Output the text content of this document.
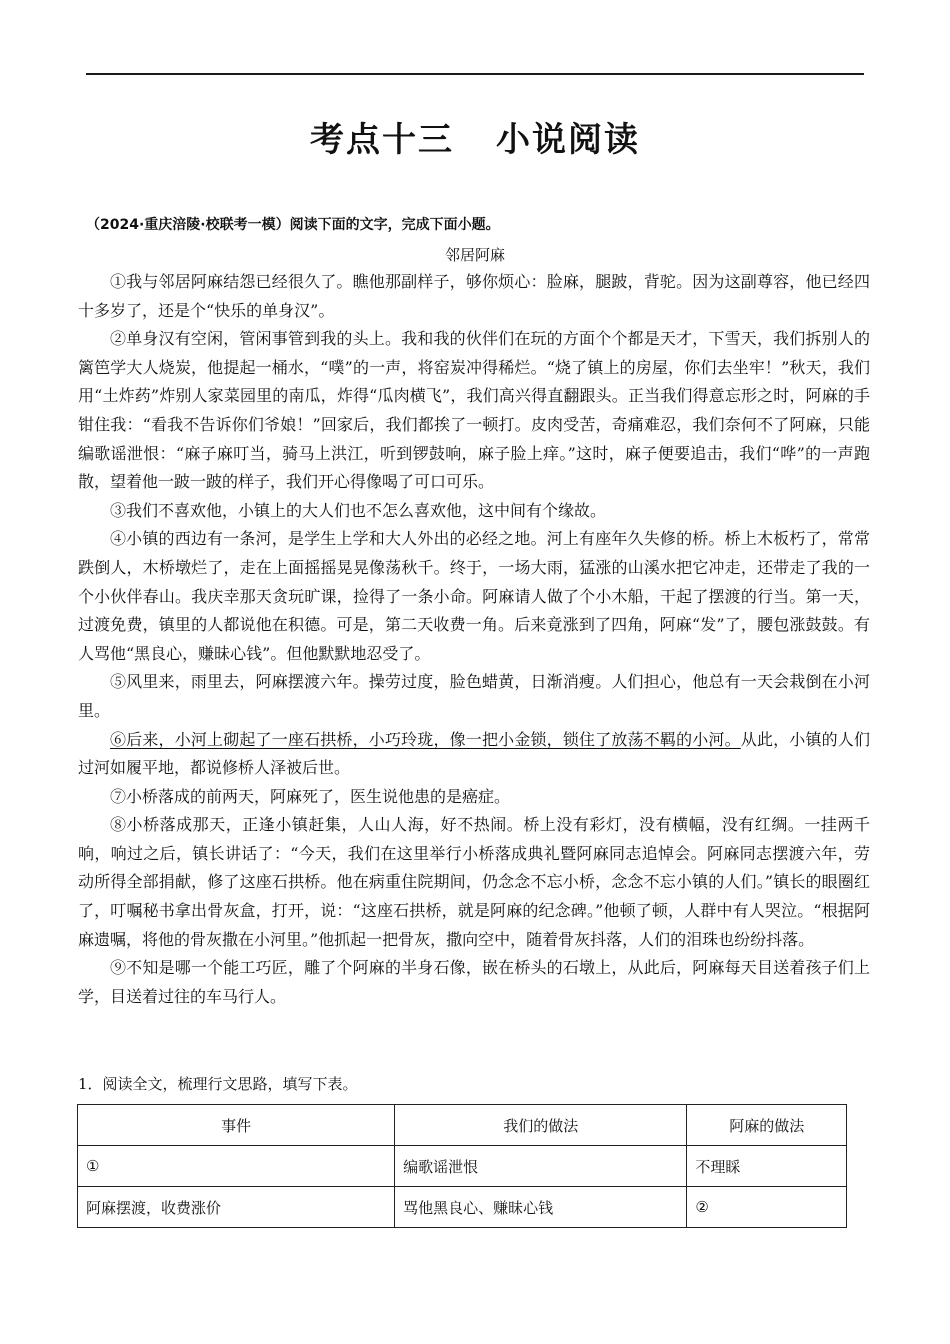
考点十三 小说阅读
（2024·重庆涪陵·校联考一模）阅读下面的文字，完成下面小题。
邻居阿麻

①我与邻居阿麻结怨已经很久了。瞧他那副样子，够你烦心：脸麻，腿跛，背驼。因为这副尊容，他已经四十多岁了，还是个“快乐的单身汉”。

②单身汉有空闲，管闲事管到我的头上。我和我的伙伴们在玩的方面个个都是天才，下雪天，我们拆别人的篱笆学大人烧炭，他提起一桶水，“噗”的一声，将窑炭冲得稀烂。“烧了镇上的房屋，你们去坐牢！”秋天，我们用“土炸药”炸别人家菜园里的南瓜，炸得“瓜肉横飞”，我们高兴得直翻跟头。正当我们得意忘形之时，阿麻的手钳住我：“看我不告诉你们爷娘！”回家后，我们都挨了一顿打。皮肉受苦，奇痛难忍，我们奈何不了阿麻，只能编歌谣泄恨：“麻子麻叮当，骑马上洪江，听到锣鼓响，麻子脸上痒。”这时，麻子便要追击，我们“哗”的一声跑散，望着他一跛一跛的样子，我们开心得像喝了可口可乐。

③我们不喜欢他，小镇上的大人们也不怎么喜欢他，这中间有个缘故。

④小镇的西边有一条河，是学生上学和大人外出的必经之地。河上有座年久失修的桥。桥上木板朽了，常常跌倒人，木桥墩烂了，走在上面摇摇晃晃像荡秋千。终于，一场大雨，猛涨的山溪水把它冲走，还带走了我的一个小伙伴春山。我庆幸那天贪玩旷课，捡得了一条小命。阿麻请人做了个小木船，干起了摆渡的行当。第一天，过渡免费，镇里的人都说他在积德。可是，第二天收费一角。后来竟涨到了四角，阿麻“发”了，腰包涨鼓鼓。有人骂他“黑良心，赚昧心钱”。但他默默地忍受了。

⑤风里来，雨里去，阿麻摆渡六年。操劳过度，脸色蜡黄，日渐消瘦。人们担心，他总有一天会栽倒在小河里。

⑥后来，小河上砌起了一座石拱桥，小巧玲珑，像一把小金锁，锁住了放荡不羁的小河。从此，小镇的人们过河如履平地，都说修桥人泽被后世。

⑦小桥落成的前两天，阿麻死了，医生说他患的是癌症。

⑧小桥落成那天，正逢小镇赶集，人山人海，好不热闹。桥上没有彩灯，没有横幅，没有红绸。一挂两千响，响过之后，镇长讲话了：“今天，我们在这里举行小桥落成典礼暨阿麻同志追悼会。阿麻同志摆渡六年，劳动所得全部捐献，修了这座石拱桥。他在病重住院期间，仍念念不忘小桥，念念不忘小镇的人们。”镇长的眼圈红了，叮嘱秘书拿出骨灰盒，打开，说：“这座石拱桥，就是阿麻的纪念碑。”他顿了顿，人群中有人哭泣。“根据阿麻遗嘱，将他的骨灰撒在小河里。”他抓起一把骨灰，撒向空中，随着骨灰抖落，人们的泪珠也纷纷抖落。

⑨不知是哪一个能工巧匠，雕了个阿麻的半身石像，嵌在桥头的石墩上，从此后，阿麻每天目送着孩子们上学，目送着过往的车马行人。

1．阅读全文，梳理行文思路，填写下表。
事件	我们的做法	阿麻的做法
①	编歌谣泄恨	不理睬
阿麻摆渡，收费涨价	骂他黑良心、赚昧心钱	②
